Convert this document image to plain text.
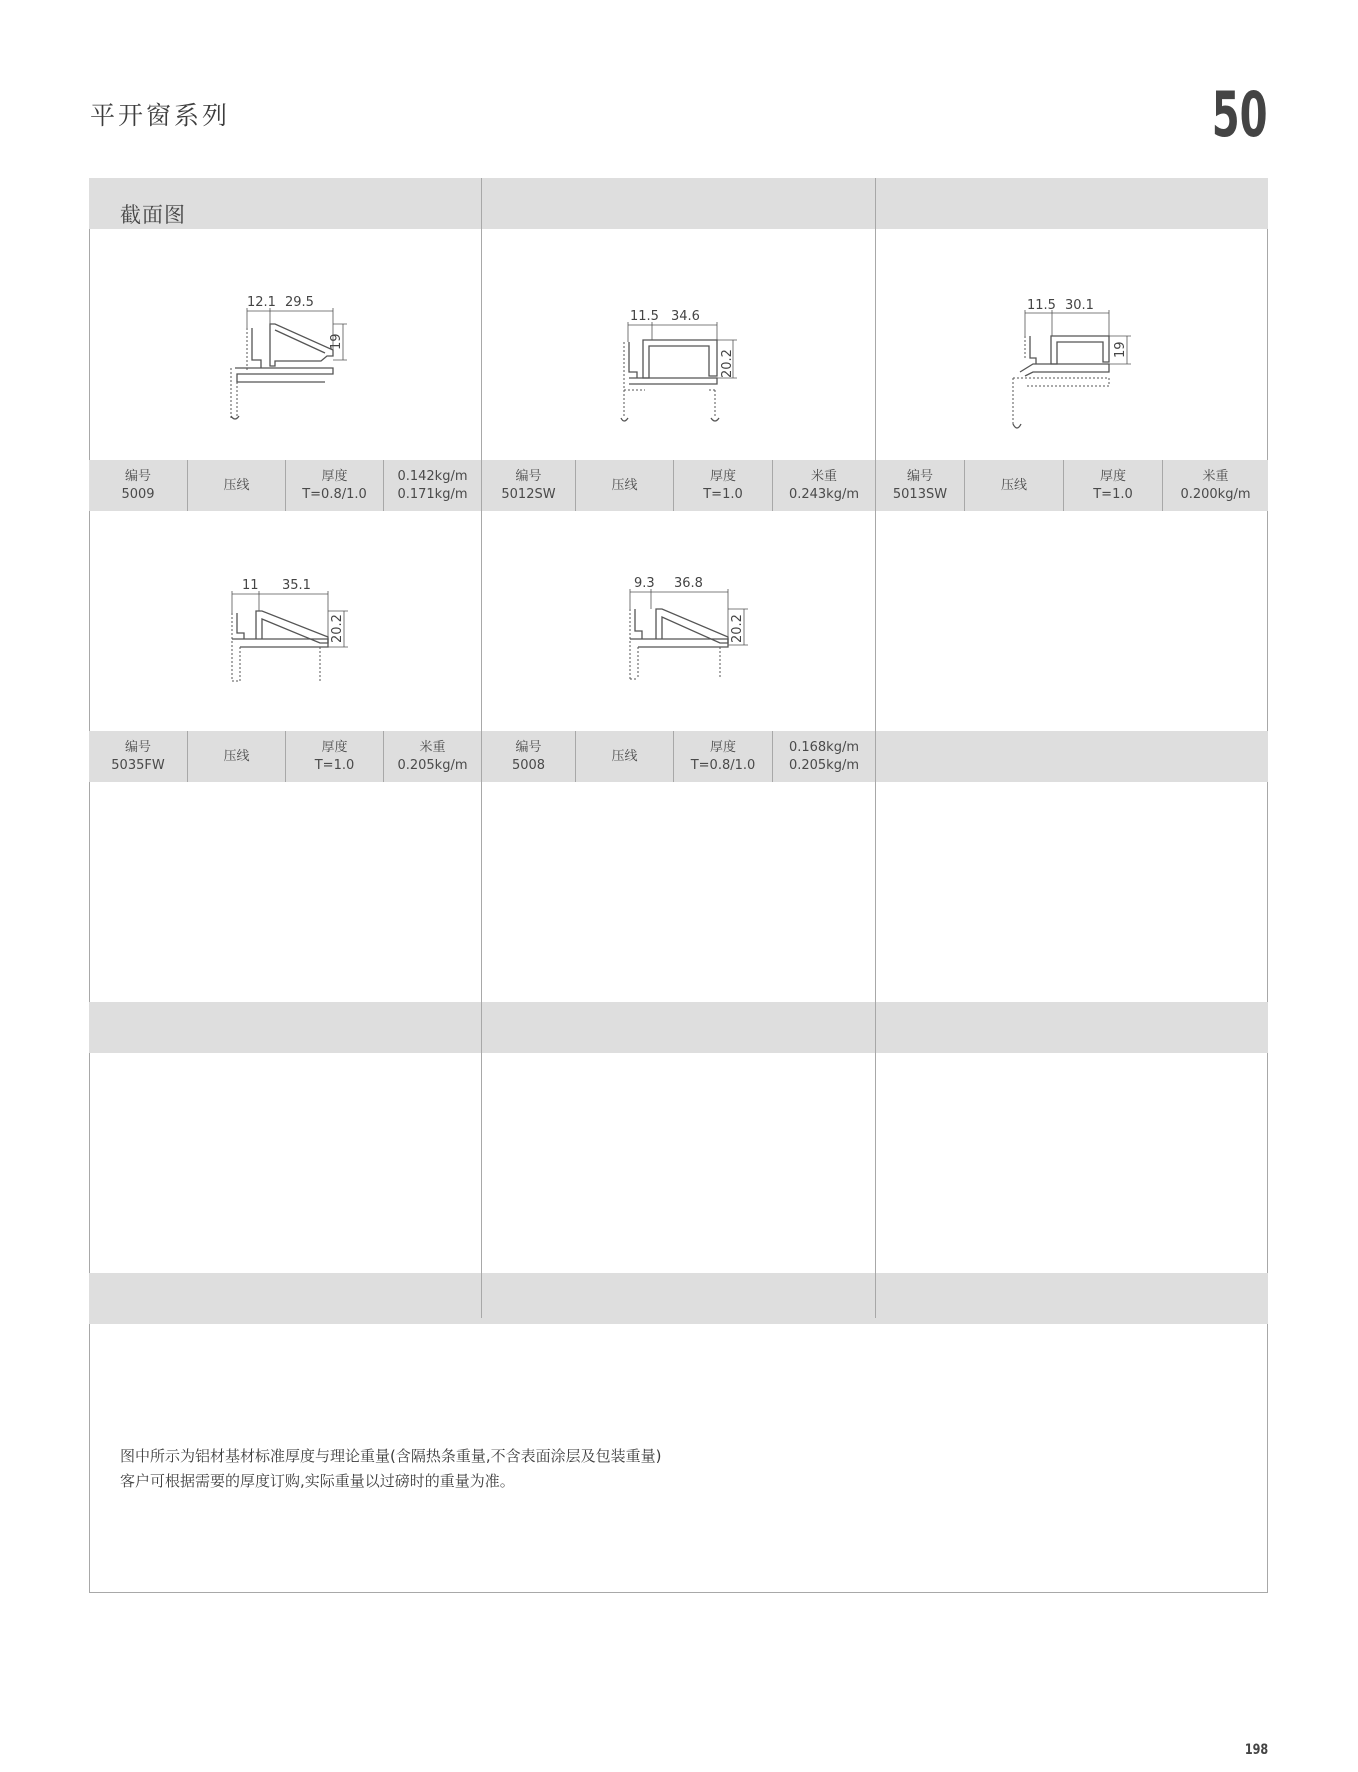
平开窗系列	50
截面图
12.1 29.5
19
11.5 34.6
20.2
11.5 30.1
19
编号
5009
压线
厚度
T=0.8/1.0
0.142kg/m
0.171kg/m
编号
5012SW
压线
厚度
T=1.0
米重
0.243kg/m
编号
5013SW
压线
厚度
T=1.0
米重
0.200kg/m
11 35.1
20.2
9.3 36.8
20.2
编号
5035FW
压线
厚度
T=1.0
米重
0.205kg/m
编号
5008
压线
厚度
T=0.8/1.0
0.168kg/m
0.205kg/m
图中所示为铝材基材标准厚度与理论重量(含隔热条重量,不含表面涂层及包装重量)
客户可根据需要的厚度订购,实际重量以过磅时的重量为准。
198
